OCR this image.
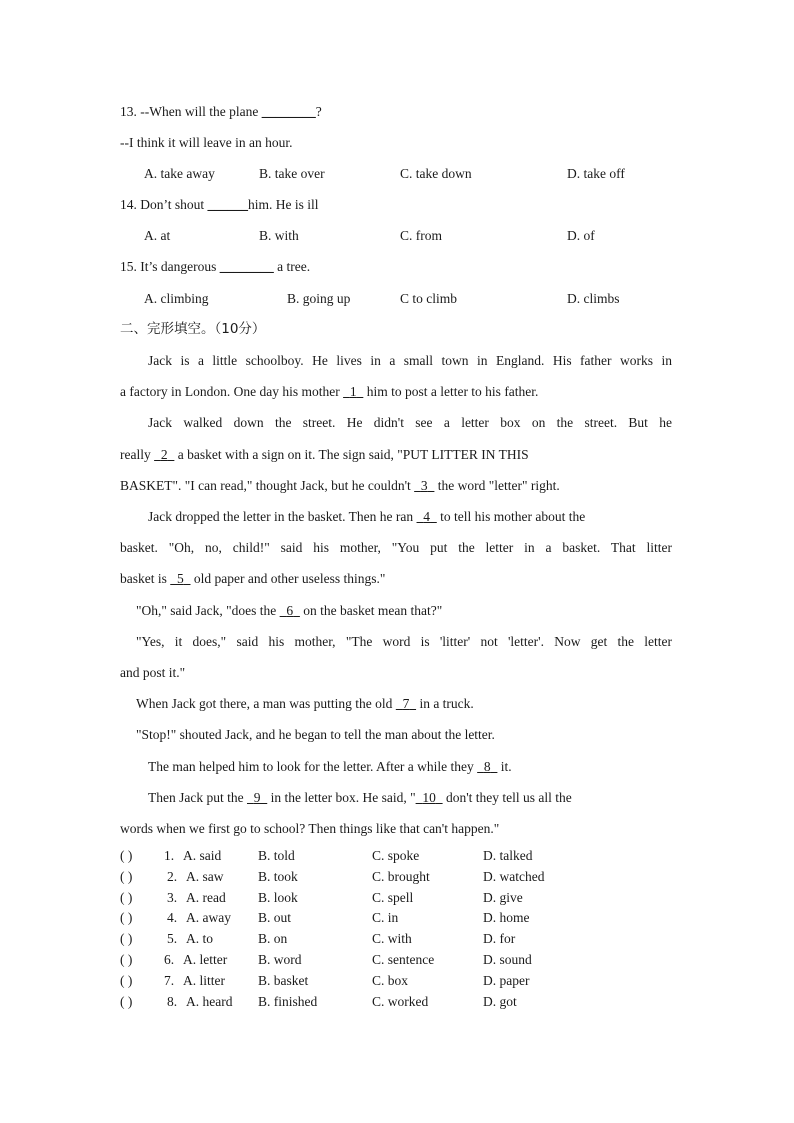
13. --When will the plane ________?
--I think it will leave in an hour.
A. take away	B. take over	C. take down	D. take off
14. Don’t shout ______him. He is ill
A. at	B. with	C. from	D. of
15. It’s dangerous ________ a tree.
A. climbing	B. going up	C to climb	D. climbs
二、完形填空。（10分）
Jack is a little schoolboy. He lives in a small town in England. His father works in
a factory in London. One day his mother   1   him to post a letter to his father.
Jack walked down the street. He didn't see a letter box on the street. But he
really   2   a basket with a sign on it. The sign said, "PUT LITTER IN THIS
BASKET". "I can read," thought Jack, but he couldn't   3   the word "letter" right.
Jack dropped the letter in the basket. Then he ran   4   to tell his mother about the
basket. "Oh, no, child!" said his mother, "You put the letter in a basket. That litter
basket is   5   old paper and other useless things."
"Oh," said Jack, "does the   6   on the basket mean that?"
"Yes, it does," said his mother, "The word is 'litter' not 'letter'. Now get the letter
and post it."
When Jack got there, a man was putting the old   7   in a truck.
"Stop!" shouted Jack, and he began to tell the man about the letter.
The man helped him to look for the letter. After a while they   8   it.
Then Jack put the   9   in the letter box. He said, " 10   don't they tell us all the
words when we first go to school? Then things like that can't happen."
( ) 1. A. said	B. told	C. spoke	D. talked
( )	2. A. saw	B. took	C. brought	D. watched
( )	3. A. read B. look	C. spell	D. give
( )	4. A. away B. out	C. in	D. home
( )	5. A. to	B. on	C. with	D. for
( ) 6. A. letter B. word	C. sentence	D. sound
( ) 7. A. litter B. basket	C. box	D. paper
( )	8. A. heard B. finished	C. worked	D. got
